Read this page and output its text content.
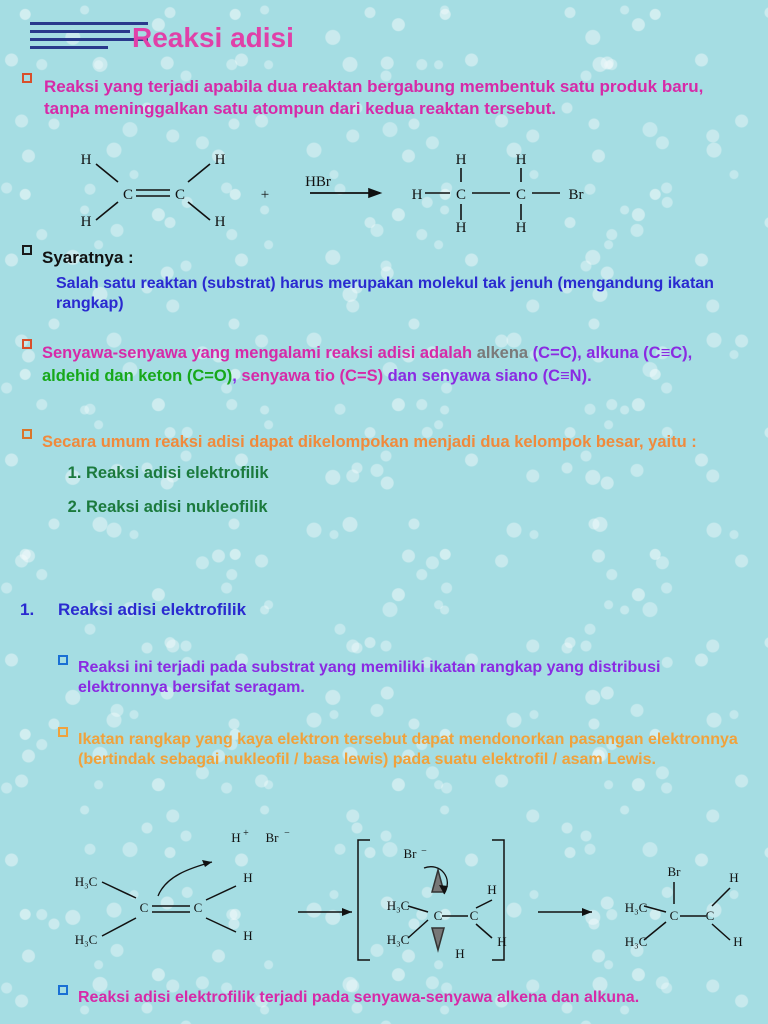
Reaksi adisi
Reaksi yang terjadi apabila dua reaktan bergabung membentuk satu produk baru, tanpa meninggalkan satu atompun dari kedua reaktan tersebut.
H
H
C	C
H
H
+
HBr
H C	C	Br
H
H
H
H
Syaratnya :
Salah satu reaktan (substrat) harus merupakan molekul tak jenuh (mengandung ikatan rangkap)
Senyawa-senyawa yang mengalami reaksi adisi adalah alkena (C=C), alkuna (C≡C), aldehid dan keton (C=O), senyawa tio (C=S) dan senyawa siano (C≡N).
Secara umum reaksi adisi dapat dikelompokan menjadi dua kelompok besar, yaitu :
1. Reaksi adisi elektrofilik
2. Reaksi adisi nukleofilik
1. Reaksi adisi elektrofilik
Reaksi ini terjadi pada substrat yang memiliki ikatan rangkap yang distribusi elektronnya bersifat seragam.
Ikatan rangkap yang kaya elektron tersebut dapat mendonorkan pasangan elektronnya (bertindak sebagai nukleofil / basa lewis) pada suatu elektrofil / asam Lewis.
H + Br −
H₃C
H₃C
C	C
H
H
Br −
H₃C
H₃C
C C
H
H
H
Br
H₃C
H₃C
C C
H
H
Reaksi adisi elektrofilik terjadi pada senyawa-senyawa alkena dan alkuna.
